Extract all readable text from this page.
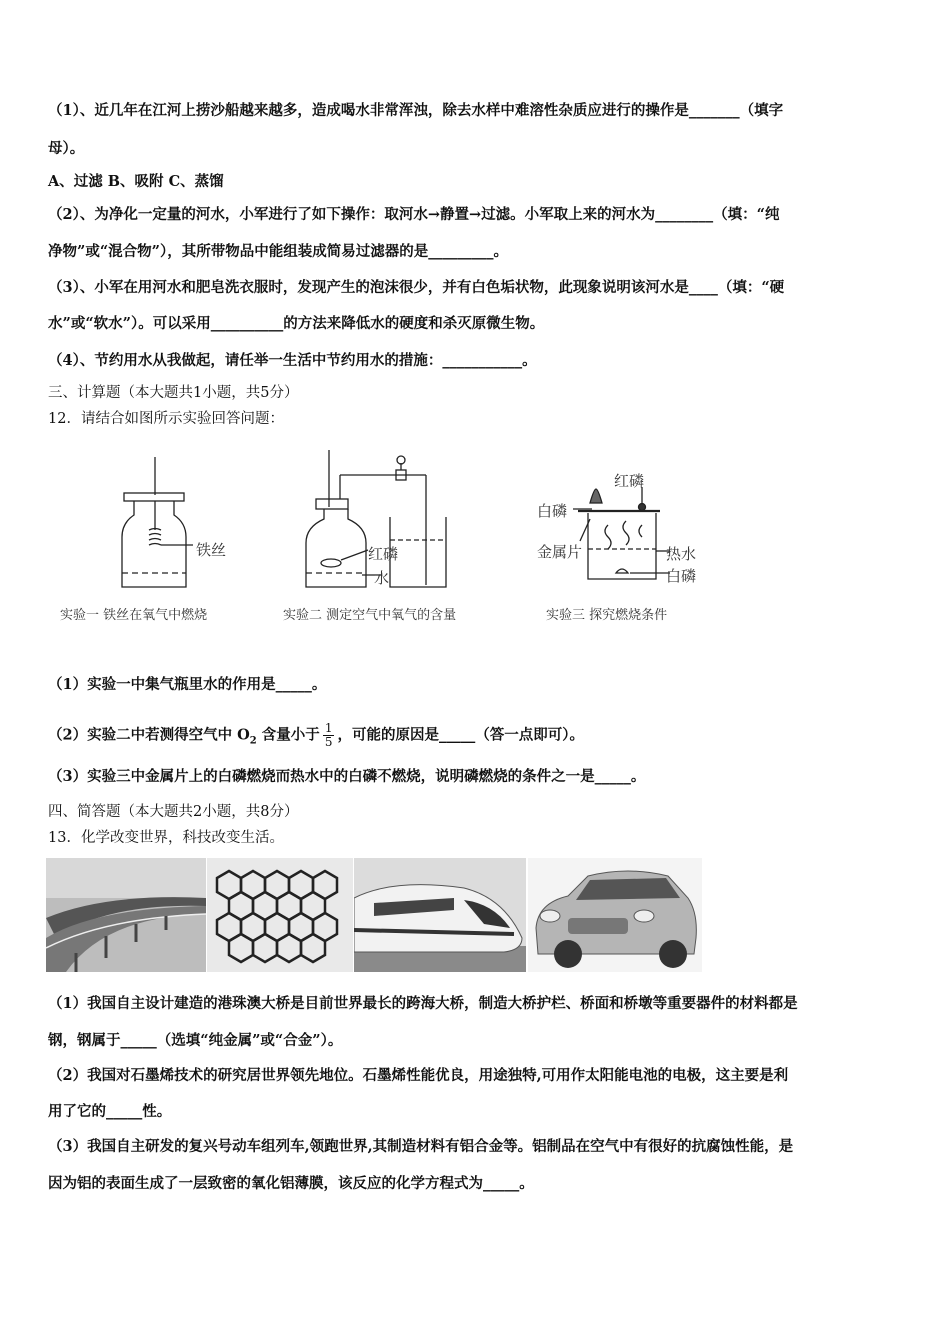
（1）、近几年在江河上捞沙船越来越多，造成喝水非常浑浊，除去水样中难溶性杂质应进行的操作是_______（填字
母）。
A、过滤 B、吸附 C、蒸馏
（2）、为净化一定量的河水，小军进行了如下操作：取河水→静置→过滤。小军取上来的河水为________（填：“纯
净物”或“混合物”），其所带物品中能组装成简易过滤器的是_________。
（3）、小军在用河水和肥皂洗衣服时，发现产生的泡沫很少，并有白色垢状物，此现象说明该河水是____（填：“硬
水”或“软水”）。可以采用__________的方法来降低水的硬度和杀灭原微生物。
（4）、节约用水从我做起，请任举一生活中节约用水的措施：___________。
三、计算题（本大题共1小题，共5分）
12．请结合如图所示实验回答问题：
铁丝
实验一 铁丝在氧气中燃烧
红磷
水
实验二 测定空气中氧气的含量
红磷
白磷
金属片	热水
白磷
实验三 探究燃烧条件
（1）实验一中集气瓶里水的作用是_____。
（2）实验二中若测得空气中 $O_2$ 含量小于 $\frac{1}{5}$ ，可能的原因是_____（答一点即可）。
（3）实验三中金属片上的白磷燃烧而热水中的白磷不燃烧，说明磷燃烧的条件之一是_____。
四、简答题（本大题共2小题，共8分）
13．化学改变世界，科技改变生活。
（1）我国自主设计建造的港珠澳大桥是目前世界最长的跨海大桥，制造大桥护栏、桥面和桥墩等重要器件的材料都是
钢，钢属于_____（选填“纯金属”或“合金”）。
（2）我国对石墨烯技术的研究居世界领先地位。石墨烯性能优良，用途独特,可用作太阳能电池的电极，这主要是利
用了它的_____性。
（3）我国自主研发的复兴号动车组列车,领跑世界,其制造材料有铝合金等。铝制品在空气中有很好的抗腐蚀性能，是
因为铝的表面生成了一层致密的氧化铝薄膜，该反应的化学方程式为_____。
